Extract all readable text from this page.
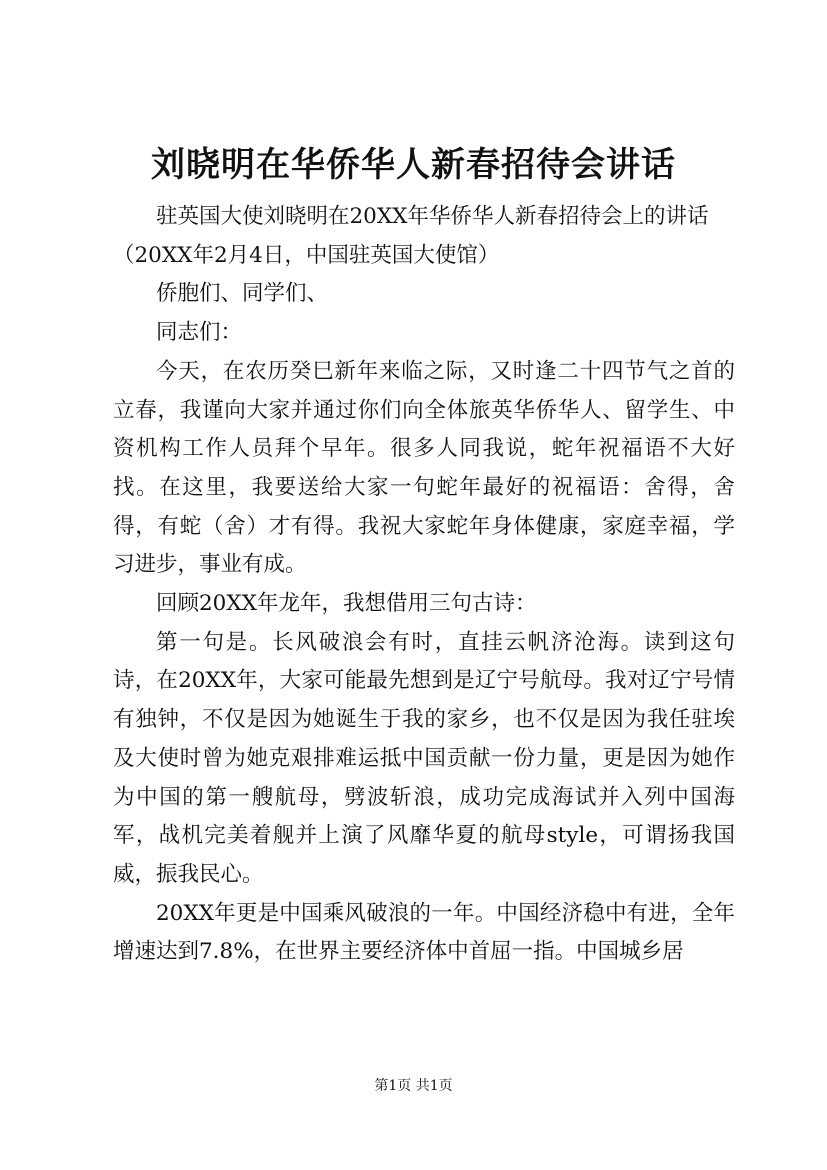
刘晓明在华侨华人新春招待会讲话

驻英国大使刘晓明在20XX年华侨华人新春招待会上的讲话

（20XX年2月4日，中国驻英国大使馆）

侨胞们、同学们、

同志们：

今天，在农历癸巳新年来临之际，又时逢二十四节气之首的立春，我谨向大家并通过你们向全体旅英华侨华人、留学生、中资机构工作人员拜个早年。很多人同我说，蛇年祝福语不大好找。在这里，我要送给大家一句蛇年最好的祝福语：舍得，舍得，有蛇（舍）才有得。我祝大家蛇年身体健康，家庭幸福，学习进步，事业有成。

回顾20XX年龙年，我想借用三句古诗：

第一句是。长风破浪会有时，直挂云帆济沧海。读到这句诗，在20XX年，大家可能最先想到是辽宁号航母。我对辽宁号情有独钟，不仅是因为她诞生于我的家乡，也不仅是因为我任驻埃及大使时曾为她克艰排难运抵中国贡献一份力量，更是因为她作为中国的第一艘航母，劈波斩浪，成功完成海试并入列中国海军，战机完美着舰并上演了风靡华夏的航母style，可谓扬我国威，振我民心。

20XX年更是中国乘风破浪的一年。中国经济稳中有进，全年增速达到7.8%，在世界主要经济体中首屈一指。中国城乡居

第1页 共1页
